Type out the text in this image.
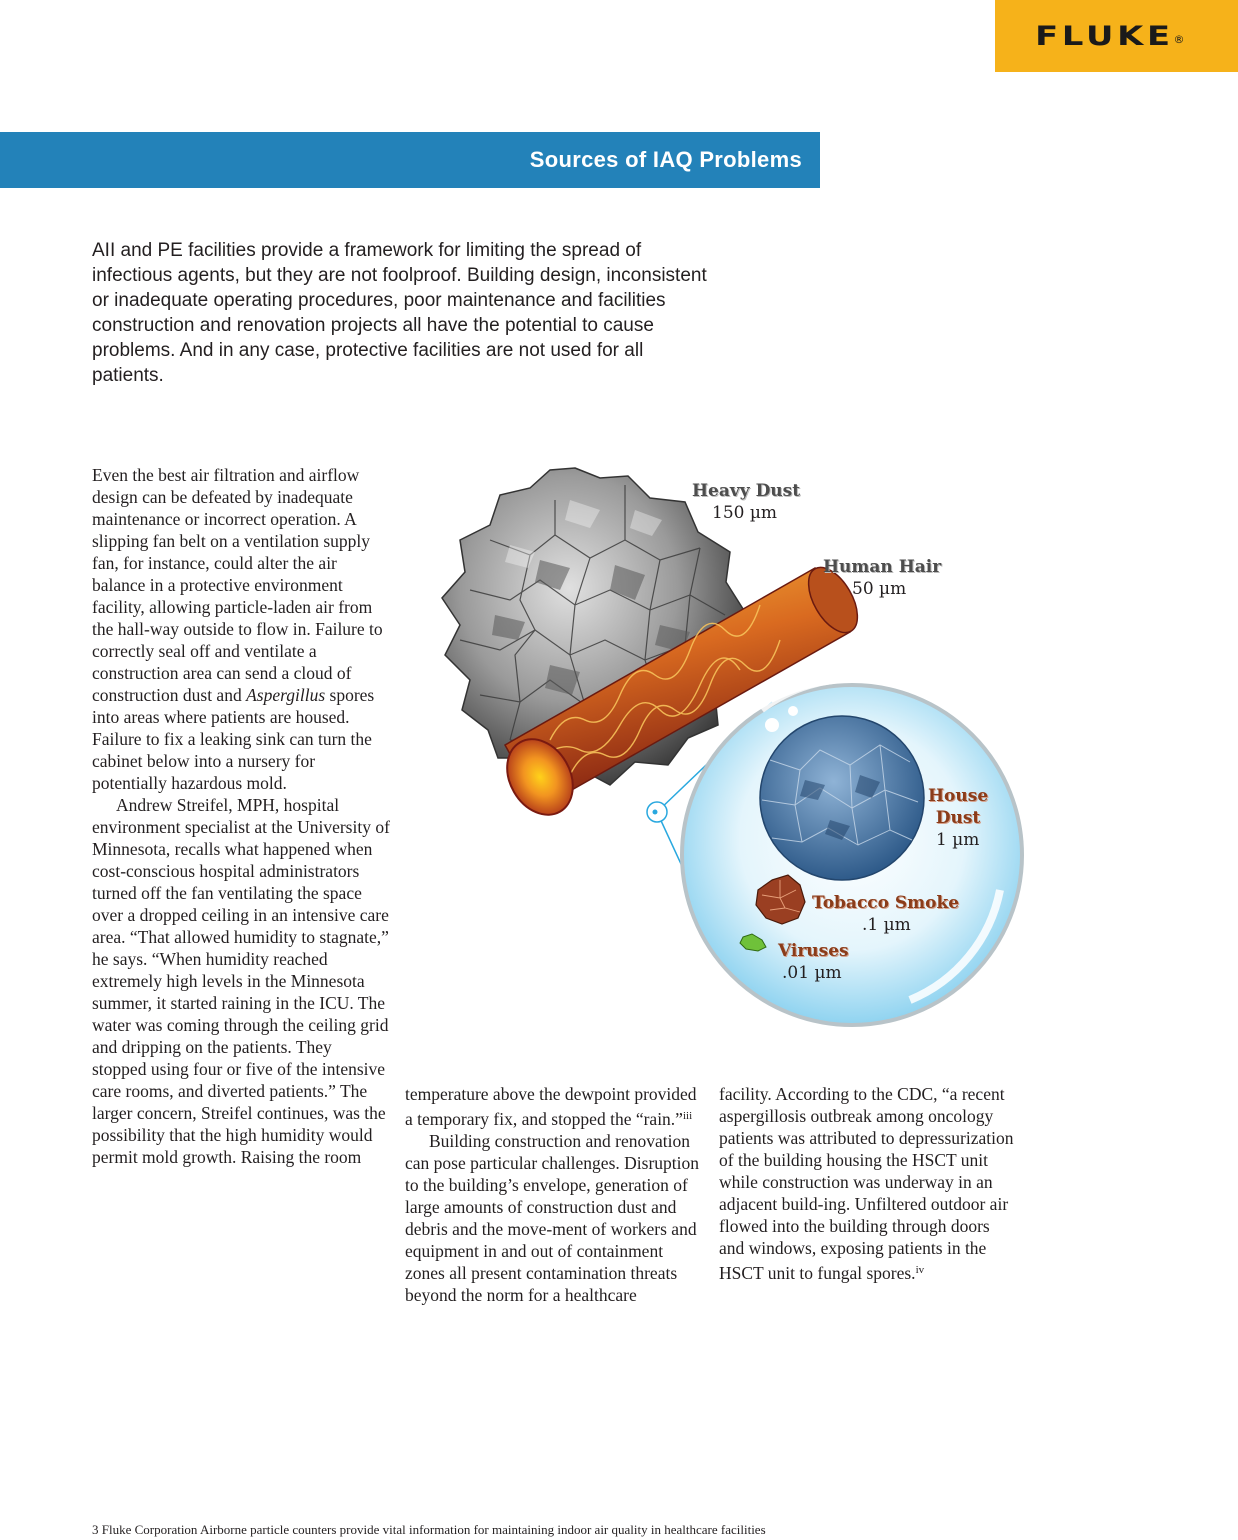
FLUKE ®
Sources of IAQ Problems
AII and PE facilities provide a framework for limiting the spread of infectious agents, but they are not foolproof. Building design, inconsistent or inadequate operating procedures, poor maintenance and facilities construction and renovation projects all have the potential to cause problems. And in any case, protective facilities are not used for all patients.

Even the best air filtration and airflow design can be defeated by inadequate maintenance or incorrect operation. A slipping fan belt on a ventilation supply fan, for instance, could alter the air balance in a protective environment facility, allowing particle-laden air from the hall-way outside to flow in. Failure to correctly seal off and ventilate a construction area can send a cloud of construction dust and Aspergillus spores into areas where patients are housed. Failure to fix a leaking sink can turn the cabinet below into a nursery for potentially hazardous mold.

Andrew Streifel, MPH, hospital environment specialist at the University of Minnesota, recalls what happened when cost-conscious hospital administrators turned off the fan ventilating the space over a dropped ceiling in an intensive care area. “That allowed humidity to stagnate,” he says. “When humidity reached extremely high levels in the Minnesota summer, it started raining in the ICU. The water was coming through the ceiling grid and dripping on the patients. They stopped using four or five of the intensive care rooms, and diverted patients.” The larger concern, Streifel continues, was the possibility that the high humidity would permit mold growth. Raising the room

temperature above the dewpoint provided a temporary fix, and stopped the “rain.”$^{iii}$

Building construction and renovation can pose particular challenges. Disruption to the building’s envelope, generation of large amounts of construction dust and debris and the move-ment of workers and equipment in and out of containment zones all present contamination threats beyond the norm for a healthcare

facility. According to the CDC, “a recent aspergillosis outbreak among oncology patients was attributed to depressurization of the building housing the HSCT unit while construction was underway in an adjacent build-ing. Unfiltered outdoor air flowed into the building through doors and windows, exposing patients in the HSCT unit to fungal spores.$^{iv}$

Heavy Dust
150 µm
Human Hair
50 µm
House
Dust
1 µm
Tobacco Smoke
.1 µm
Viruses
.01 µm
3 Fluke Corporation Airborne particle counters provide vital information for maintaining indoor air quality in healthcare facilities
